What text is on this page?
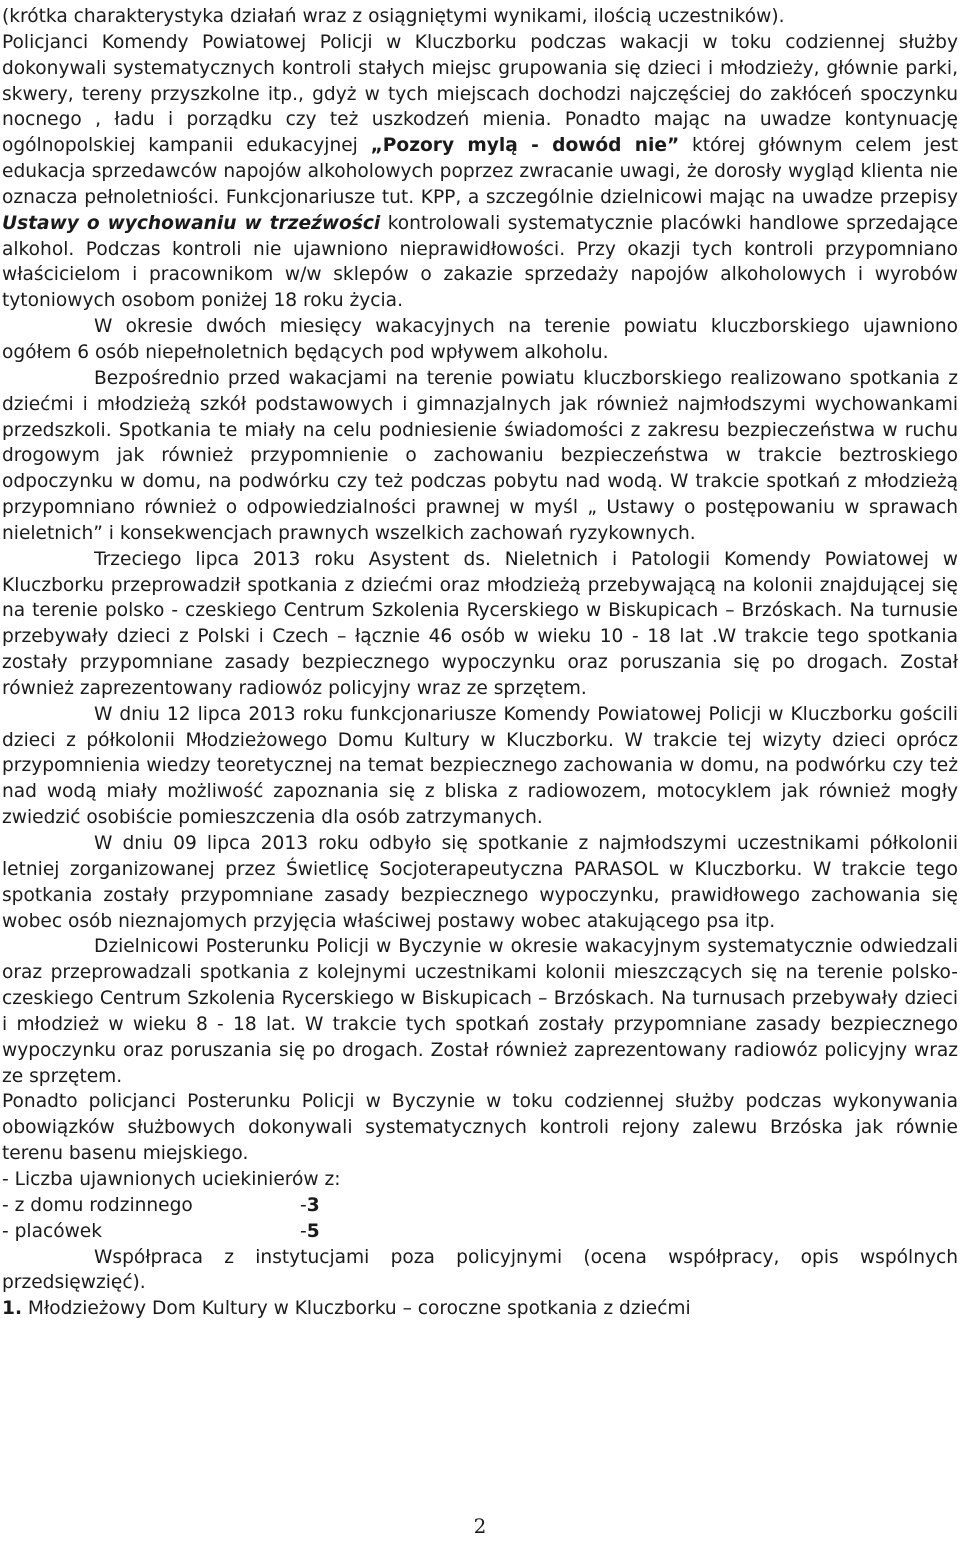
(krótka charakterystyka działań wraz z osiągniętymi wynikami, ilością uczestników).

Policjanci Komendy Powiatowej Policji w Kluczborku podczas wakacji w toku codziennej służby dokonywali systematycznych kontroli stałych miejsc grupowania się dzieci i młodzieży, głównie parki, skwery, tereny przyszkolne itp., gdyż w tych miejscach dochodzi najczęściej do zakłóceń spoczynku nocnego , ładu i porządku czy też uszkodzeń mienia. Ponadto mając na uwadze kontynuację ogólnopolskiej kampanii edukacyjnej „Pozory mylą - dowód nie” której głównym celem jest edukacja sprzedawców napojów alkoholowych poprzez zwracanie uwagi, że dorosły wygląd klienta nie oznacza pełnoletniości. Funkcjonariusze tut. KPP, a szczególnie dzielnicowi mając na uwadze przepisy Ustawy o wychowaniu w trzeźwości kontrolowali systematycznie placówki handlowe sprzedające alkohol. Podczas kontroli nie ujawniono nieprawidłowości. Przy okazji tych kontroli przypomniano właścicielom i pracownikom w/w sklepów o zakazie sprzedaży napojów alkoholowych i wyrobów tytoniowych osobom poniżej 18 roku życia.

W okresie dwóch miesięcy wakacyjnych na terenie powiatu kluczborskiego ujawniono ogółem 6 osób niepełnoletnich będących pod wpływem alkoholu.

Bezpośrednio przed wakacjami na terenie powiatu kluczborskiego realizowano spotkania z dziećmi i młodzieżą szkół podstawowych i gimnazjalnych jak również najmłodszymi wychowankami przedszkoli. Spotkania te miały na celu podniesienie świadomości z zakresu bezpieczeństwa w ruchu drogowym jak również przypomnienie o zachowaniu bezpieczeństwa w trakcie beztroskiego odpoczynku w domu, na podwórku czy też podczas pobytu nad wodą. W trakcie spotkań z młodzieżą przypomniano również o odpowiedzialności prawnej w myśl „ Ustawy o postępowaniu w sprawach nieletnich” i konsekwencjach prawnych wszelkich zachowań ryzykownych.

Trzeciego lipca 2013 roku Asystent ds. Nieletnich i Patologii Komendy Powiatowej w Kluczborku przeprowadził spotkania z dziećmi oraz młodzieżą przebywającą na kolonii znajdującej się na terenie polsko - czeskiego Centrum Szkolenia Rycerskiego w Biskupicach – Brzóskach. Na turnusie przebywały dzieci z Polski i Czech – łącznie 46 osób w wieku 10 - 18 lat .W trakcie tego spotkania zostały przypomniane zasady bezpiecznego wypoczynku oraz poruszania się po drogach. Został również zaprezentowany radiowóz policyjny wraz ze sprzętem.

W dniu 12 lipca 2013 roku funkcjonariusze Komendy Powiatowej Policji w Kluczborku gościli dzieci z półkolonii Młodzieżowego Domu Kultury w Kluczborku. W trakcie tej wizyty dzieci oprócz przypomnienia wiedzy teoretycznej na temat bezpiecznego zachowania w domu, na podwórku czy też nad wodą miały możliwość zapoznania się z bliska z radiowozem, motocyklem jak również mogły zwiedzić osobiście pomieszczenia dla osób zatrzymanych.

W dniu 09 lipca 2013 roku odbyło się spotkanie z najmłodszymi uczestnikami półkolonii letniej zorganizowanej przez Świetlicę Socjoterapeutyczna PARASOL w Kluczborku. W trakcie tego spotkania zostały przypomniane zasady bezpiecznego wypoczynku, prawidłowego zachowania się wobec osób nieznajomych przyjęcia właściwej postawy wobec atakującego psa itp.

Dzielnicowi Posterunku Policji w Byczynie w okresie wakacyjnym systematycznie odwiedzali oraz przeprowadzali spotkania z kolejnymi uczestnikami kolonii mieszczących się na terenie polsko- czeskiego Centrum Szkolenia Rycerskiego w Biskupicach – Brzóskach. Na turnusach przebywały dzieci i młodzież w wieku 8 - 18 lat. W trakcie tych spotkań zostały przypomniane zasady bezpiecznego wypoczynku oraz poruszania się po drogach. Został również zaprezentowany radiowóz policyjny wraz ze sprzętem.

Ponadto policjanci Posterunku Policji w Byczynie w toku codziennej służby podczas wykonywania obowiązków służbowych dokonywali systematycznych kontroli rejony zalewu Brzóska jak równie terenu basenu miejskiego.

- Liczba ujawnionych uciekinierów z:

- z domu rodzinnego	- 3
- placówek	- 5

Współpraca z instytucjami poza policyjnymi (ocena współpracy, opis wspólnych przedsięwzięć).

1. Młodzieżowy Dom Kultury w Kluczborku – coroczne spotkania z dziećmi

2
